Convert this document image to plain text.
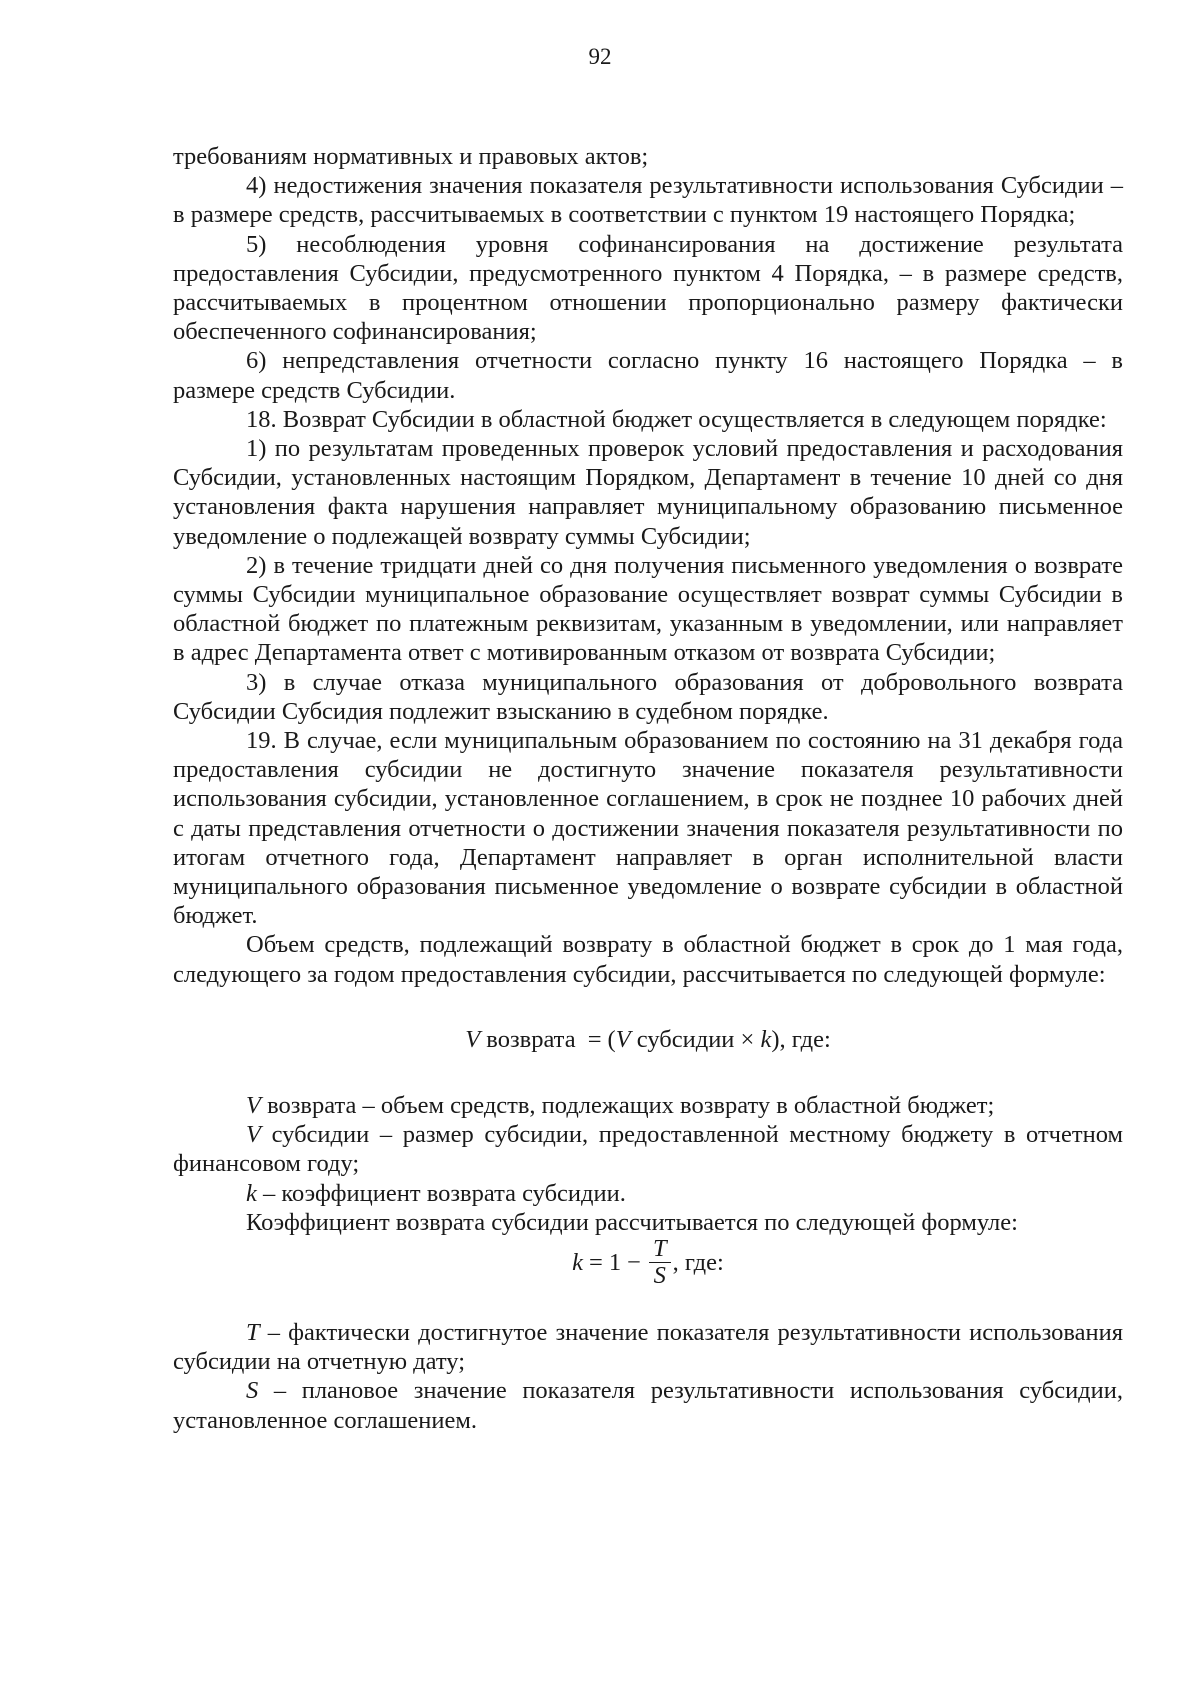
92

требованиям нормативных и правовых актов;

4) недостижения значения показателя результативности использования Субсидии – в размере средств, рассчитываемых в соответствии с пунктом 19 настоящего Порядка;

5) несоблюдения уровня софинансирования на достижение результата предоставления Субсидии, предусмотренного пунктом 4 Порядка, – в размере средств, рассчитываемых в процентном отношении пропорционально размеру фактически обеспеченного софинансирования;

6) непредставления отчетности согласно пункту 16 настоящего Порядка – в размере средств Субсидии.

18. Возврат Субсидии в областной бюджет осуществляется в следующем порядке:

1) по результатам проведенных проверок условий предоставления и расходования Субсидии, установленных настоящим Порядком, Департамент в течение 10 дней со дня установления факта нарушения направляет муниципальному образованию письменное уведомление о подлежащей возврату суммы Субсидии;

2) в течение тридцати дней со дня получения письменного уведомления о возврате суммы Субсидии муниципальное образование осуществляет возврат суммы Субсидии в областной бюджет по платежным реквизитам, указанным в уведомлении, или направляет в адрес Департамента ответ с мотивированным отказом от возврата Субсидии;

3) в случае отказа муниципального образования от добровольного возврата Субсидии Субсидия подлежит взысканию в судебном порядке.

19. В случае, если муниципальным образованием по состоянию на 31 декабря года предоставления субсидии не достигнуто значение показателя результативности использования субсидии, установленное соглашением, в срок не позднее 10 рабочих дней с даты представления отчетности о достижении значения показателя результативности по итогам отчетного года, Департамент направляет в орган исполнительной власти муниципального образования письменное уведомление о возврате субсидии в областной бюджет.

Объем средств, подлежащий возврату в областной бюджет в срок до 1 мая года, следующего за годом предоставления субсидии, рассчитывается по следующей формуле:

V возврата = (V субсидии × k), где:

V возврата – объем средств, подлежащих возврату в областной бюджет;

V субсидии – размер субсидии, предоставленной местному бюджету в отчетном финансовом году;

k – коэффициент возврата субсидии.

Коэффициент возврата субсидии рассчитывается по следующей формуле:

$k = 1 - \frac{T}{S}$ , где:

T – фактически достигнутое значение показателя результативности использования субсидии на отчетную дату;

S – плановое значение показателя результативности использования субсидии, установленное соглашением.
